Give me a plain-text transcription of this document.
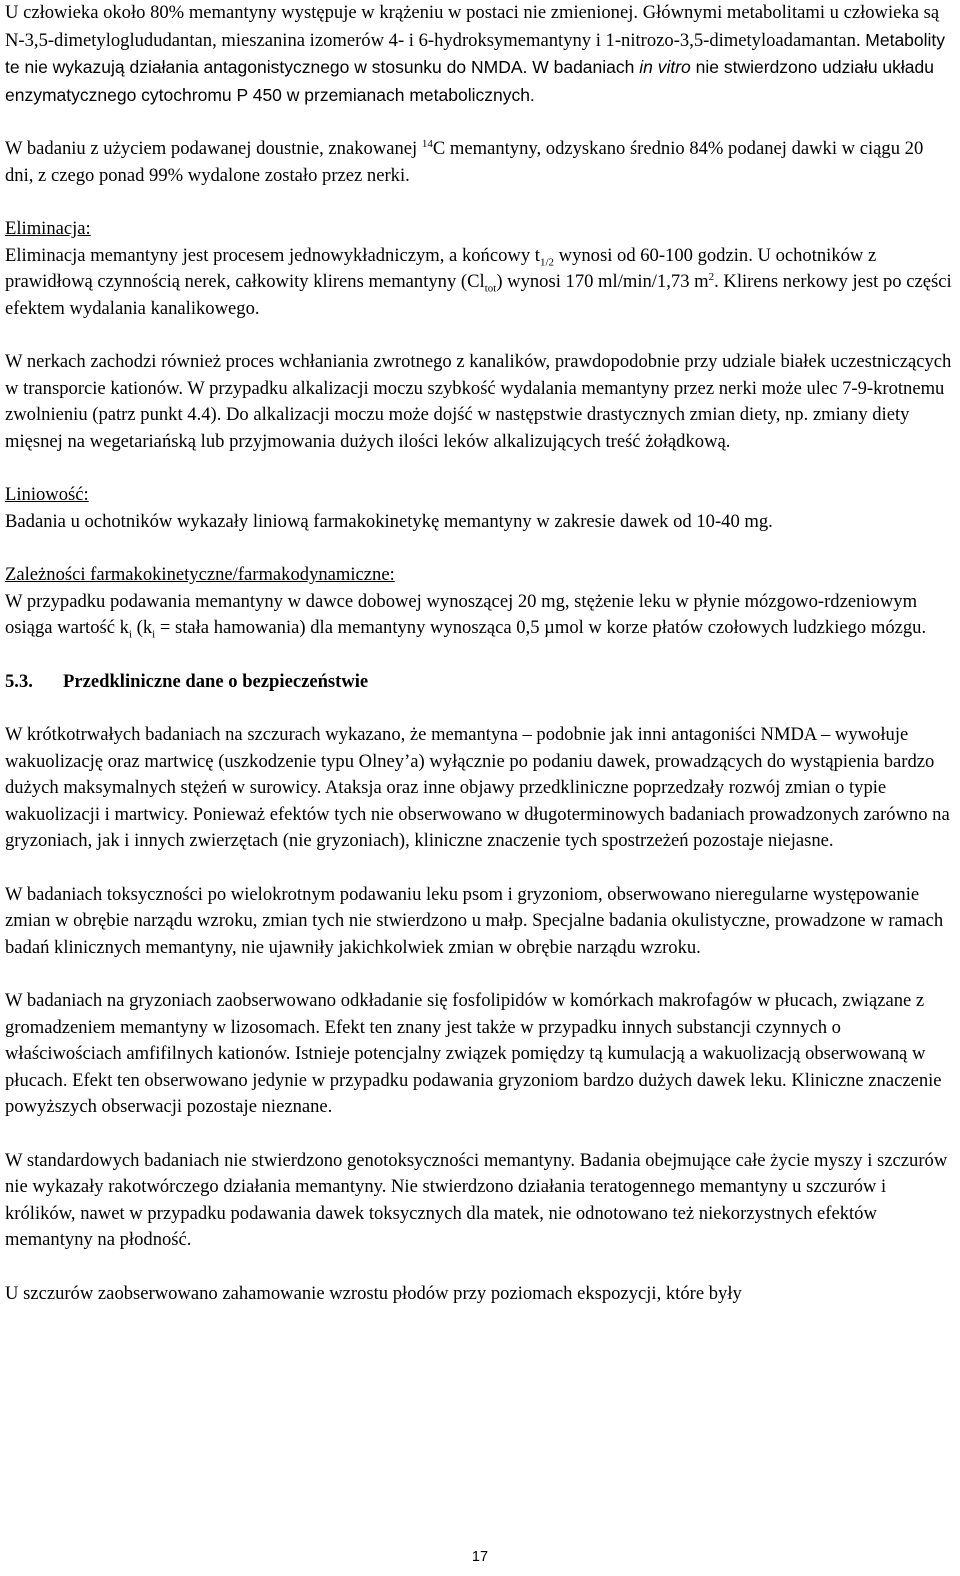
U człowieka około 80% memantyny występuje w krążeniu w postaci nie zmienionej. Głównymi metabolitami u człowieka są N-3,5-dimetyloglududantan, mieszanina izomerów 4- i 6-hydroksymemantyny i 1-nitrozo-3,5-dimetyloadamantan. Metabolity te nie wykazują działania antagonistycznego w stosunku do NMDA. W badaniach in vitro nie stwierdzono udziału układu enzymatycznego cytochromu P 450 w przemianach metabolicznych.

W badaniu z użyciem podawanej doustnie, znakowanej $^{14}$C memantyny, odzyskano średnio 84% podanej dawki w ciągu 20 dni, z czego ponad 99% wydalone zostało przez nerki.

Eliminacja:

Eliminacja memantyny jest procesem jednowykładniczym, a końcowy $t_{1/2}$ wynosi od 60-100 godzin. U ochotników z prawidłową czynnością nerek, całkowity klirens memantyny $(Cl_{tot})$ wynosi 170 ml/min/1,73 $m^2$. Klirens nerkowy jest po części efektem wydalania kanalikowego.

W nerkach zachodzi również proces wchłaniania zwrotnego z kanalików, prawdopodobnie przy udziale białek uczestniczących w transporcie kationów. W przypadku alkalizacji moczu szybkość wydalania memantyny przez nerki może ulec 7-9-krotnemu zwolnieniu (patrz punkt 4.4). Do alkalizacji moczu może dojść w następstwie drastycznych zmian diety, np. zmiany diety mięsnej na wegetariańską lub przyjmowania dużych ilości leków alkalizujących treść żołądkową.

Liniowość:

Badania u ochotników wykazały liniową farmakokinetykę memantyny w zakresie dawek od 10-40 mg.

Zależności farmakokinetyczne/farmakodynamiczne:

W przypadku podawania memantyny w dawce dobowej wynoszącej 20 mg, stężenie leku w płynie mózgowo-rdzeniowym osiąga wartość $k_i$ ($k_i$ = stała hamowania) dla memantyny wynosząca 0,5 µmol w korze płatów czołowych ludzkiego mózgu.

5.3.	Przedkliniczne dane o bezpieczeństwie

W krótkotrwałych badaniach na szczurach wykazano, że memantyna – podobnie jak inni antagoniści NMDA – wywołuje wakuolizację oraz martwicę (uszkodzenie typu Olney’a) wyłącznie po podaniu dawek, prowadzących do wystąpienia bardzo dużych maksymalnych stężeń w surowicy. Ataksja oraz inne objawy przedkliniczne poprzedzały rozwój zmian o typie wakuolizacji i martwicy. Ponieważ efektów tych nie obserwowano w długoterminowych badaniach prowadzonych zarówno na gryzoniach, jak i innych zwierzętach (nie gryzoniach), kliniczne znaczenie tych spostrzeżeń pozostaje niejasne.

W badaniach toksyczności po wielokrotnym podawaniu leku psom i gryzoniom, obserwowano nieregularne występowanie zmian w obrębie narządu wzroku, zmian tych nie stwierdzono u małp. Specjalne badania okulistyczne, prowadzone w ramach badań klinicznych memantyny, nie ujawniły jakichkolwiek zmian w obrębie narządu wzroku.

W badaniach na gryzoniach zaobserwowano odkładanie się fosfolipidów w komórkach makrofagów w płucach, związane z gromadzeniem memantyny w lizosomach. Efekt ten znany jest także w przypadku innych substancji czynnych o właściwościach amfifilnych kationów. Istnieje potencjalny związek pomiędzy tą kumulacją a wakuolizacją obserwowaną w płucach. Efekt ten obserwowano jedynie w przypadku podawania gryzoniom bardzo dużych dawek leku. Kliniczne znaczenie powyższych obserwacji pozostaje nieznane.

W standardowych badaniach nie stwierdzono genotoksyczności memantyny. Badania obejmujące całe życie myszy i szczurów nie wykazały rakotwórczego działania memantyny. Nie stwierdzono działania teratogennego memantyny u szczurów i królików, nawet w przypadku podawania dawek toksycznych dla matek, nie odnotowano też niekorzystnych efektów memantyny na płodność.

U szczurów zaobserwowano zahamowanie wzrostu płodów przy poziomach ekspozycji, które były

17
